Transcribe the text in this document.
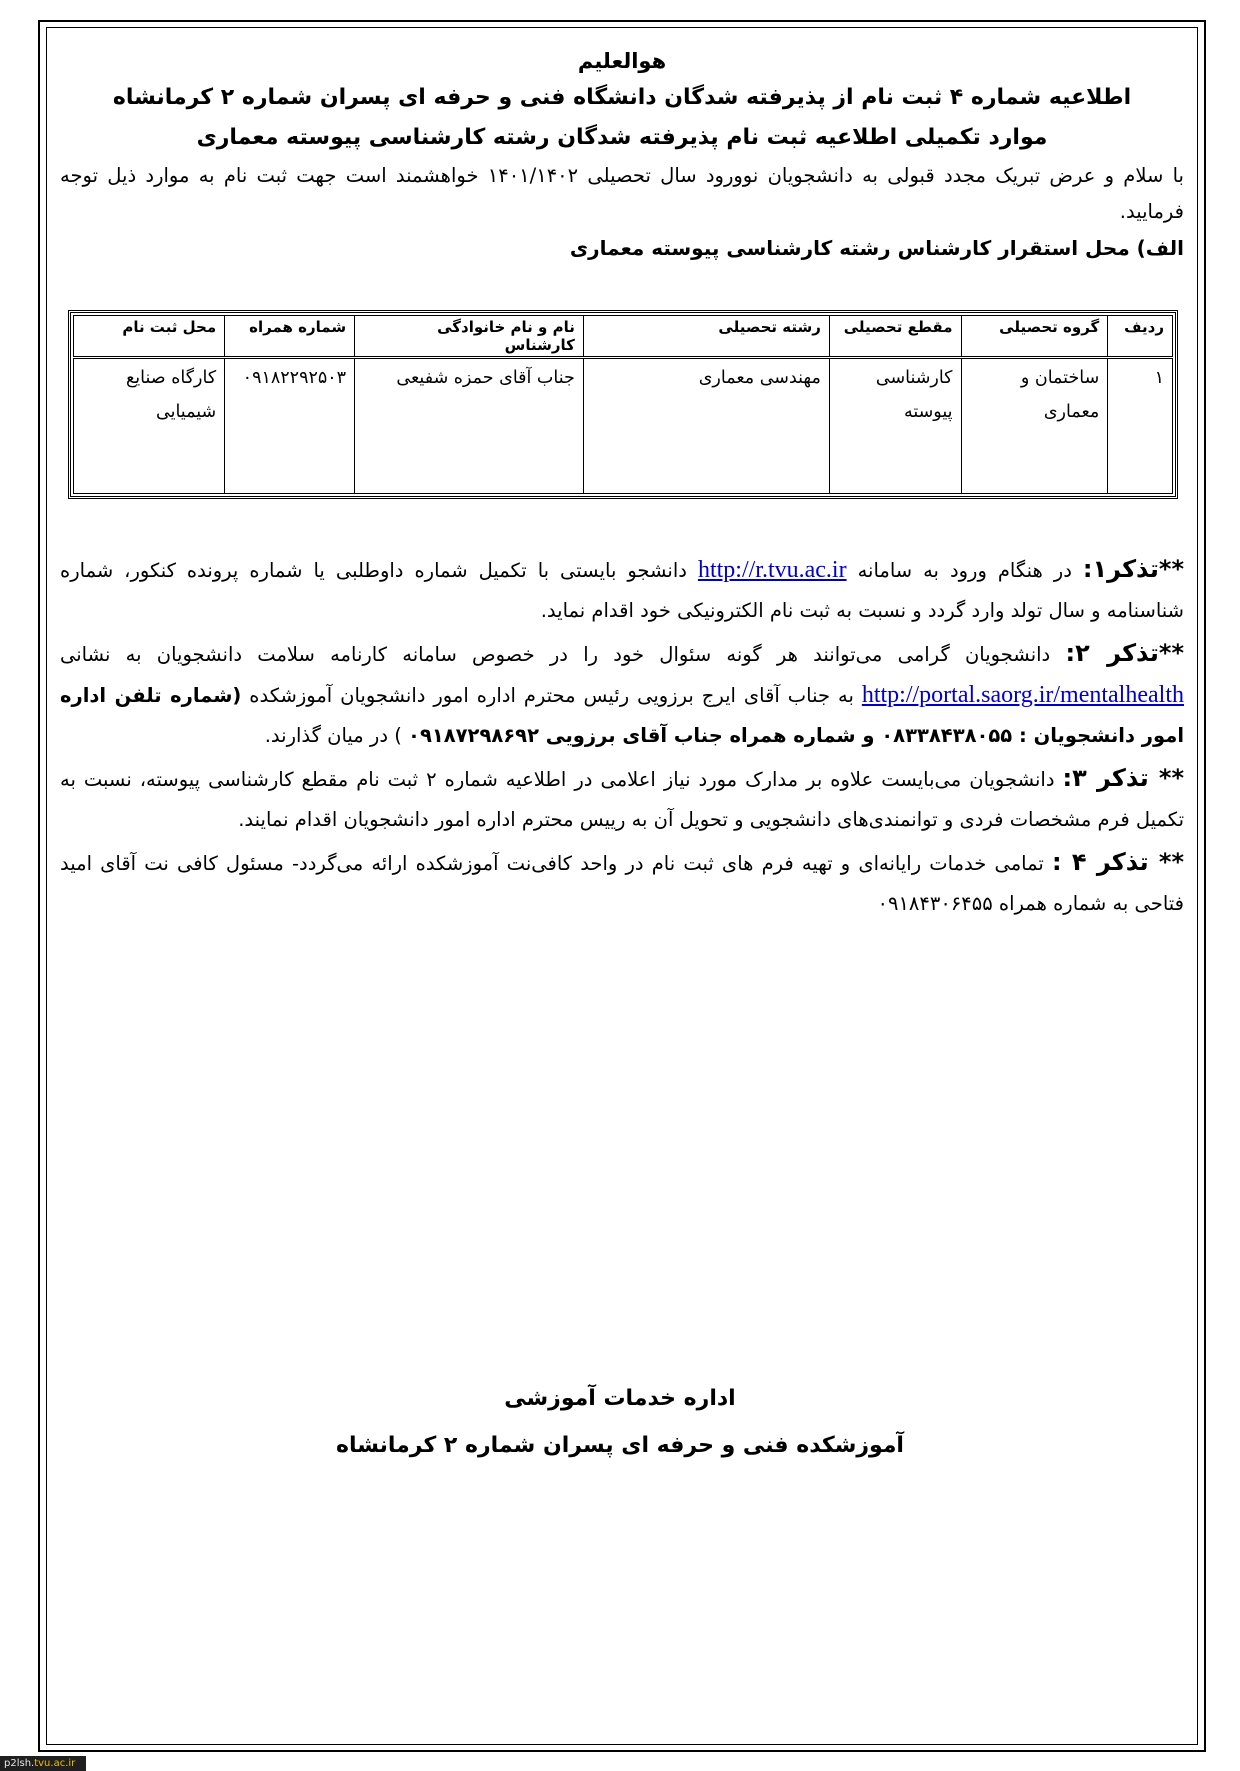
هوالعلیم

اطلاعیه شماره ۴ ثبت نام از پذیرفته شدگان دانشگاه فنی و حرفه ای پسران شماره ۲ کرمانشاه

موارد تکمیلی اطلاعیه ثبت نام پذیرفته شدگان رشته کارشناسی پیوسته معماری

با سلام و عرض تبریک مجدد قبولی به دانشجویان نوورود سال تحصیلی ۱۴۰۱/۱۴۰۲ خواهشمند است جهت ثبت نام به موارد ذیل توجه فرمایید.

الف) محل استقرار کارشناس رشته کارشناسی پیوسته معماری

ردیف	گروه تحصیلی	مقطع تحصیلی	رشته تحصیلی	نام و نام خانوادگی کارشناس	شماره همراه	محل ثبت نام
۱	ساختمان و معماری	کارشناسی پیوسته	مهندسی معماری	جناب آقای حمزه شفیعی	۰۹۱۸۲۲۹۲۵۰۳	کارگاه صنایع شیمیایی

**تذکر۱: در هنگام ورود به سامانه http://r.tvu.ac.ir دانشجو بایستی با تکمیل شماره داوطلبی یا شماره پرونده کنکور، شماره شناسنامه و سال تولد وارد گردد و نسبت به ثبت نام الکترونیکی خود اقدام نماید.

**تذکر ۲: دانشجویان گرامی می‌توانند هر گونه سئوال خود را در خصوص سامانه کارنامه سلامت دانشجویان به نشانی http://portal.saorg.ir/mentalhealth به جناب آقای ایرج برزویی رئیس محترم اداره امور دانشجویان آموزشکده (شماره تلفن اداره امور دانشجویان : ۰۸۳۳۸۴۳۸۰۵۵ و شماره همراه جناب آقای برزویی ۰۹۱۸۷۲۹۸۶۹۲ ) در میان گذارند.

** تذکر ۳: دانشجویان می‌بایست علاوه بر مدارک مورد نیاز اعلامی در اطلاعیه شماره ۲ ثبت نام مقطع کارشناسی پیوسته، نسبت به تکمیل فرم مشخصات فردی و توانمندی‌های دانشجویی و تحویل آن به رییس محترم اداره امور دانشجویان اقدام نمایند.

** تذکر ۴ : تمامی خدمات رایانه‌ای و تهیه فرم های ثبت نام در واحد کافی‌نت آموزشکده ارائه می‌گردد- مسئول کافی نت آقای امید فتاحی به شماره همراه ۰۹۱۸۴۳۰۶۴۵۵

اداره خدمات آموزشی
آموزشکده فنی و حرفه ای پسران شماره ۲ کرمانشاه
p2lsh.tvu.ac.ir
